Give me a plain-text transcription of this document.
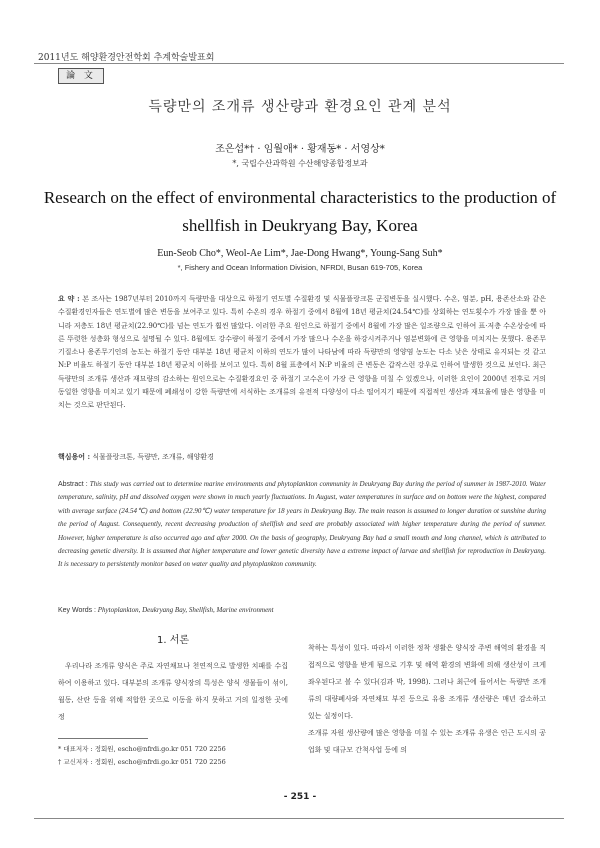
2011년도 해양환경안전학회 추계학술발표회
論 文
득량만의 조개류 생산량과 환경요인 관계 분석
조은섭*† · 임월애* · 황재동* · 서영상*
*, 국립수산과학원 수산해양종합정보과
Research on the effect of environmental characteristics to the production of shellfish in Deukryang Bay, Korea
Eun-Seob Cho*, Weol-Ae Lim*, Jae-Dong Hwang*, Young-Sang Suh*
*, Fishery and Ocean Information Division, NFRDI, Busan 619-705, Korea
요 약 : 본 조사는 1987년부터 2010까지 득량만을 대상으로 하절기 연도별 수질환경 및 식물플랑크톤 군집변동을 실시했다. 수온, 염분, pH, 용존산소와 같은 수질환경인자들은 연도별에 많은 변동을 보여주고 있다. 특히 수온의 경우 하절기 중에서 8월에 18년 평균치(24.54℃)를 상회하는 연도횟수가 가장 많을 뿐 아니라 저층도 18년 평균치(22.90℃)를 넘는 연도가 훨씬 많았다. 이러한 주요 원인으로 하절기 중에서 8월에 가장 많은 일조량으로 인하여 표·저층 수온상승에 따른 뚜렷한 성층화 형성으로 설명될 수 있다. 8월에도 강수량이 하절기 중에서 가장 많으나 수온을 하강시켜주거나 염분변화에 큰 영향을 미치지는 못했다. 용존무기질소나 용존무기인의 농도는 하절기 동안 대부분 18년 평균치 이하의 연도가 많이 나타남에 따라 득량만의 영양염 농도는 다소 낮은 상태로 유지되는 것 같고 N:P 비율도 하절기 동안 대부분 18년 평균치 이하를 보이고 있다. 특히 8월 표층에서 N:P 비율의 큰 변동은 갑작스런 강우로 인하여 발생한 것으로 보인다. 최근 득량만의 조개류 생산과 재묘량의 감소하는 원인으로는 수질환경요인 중 하절기 고수온이 가장 큰 영향을 미칠 수 있겠으나, 이러한 요인이 2000년 전후로 거의 동일한 영향을 미치고 있기 때문에 폐쇄성이 강한 득량만에 서식하는 조개류의 유전적 다양성이 다소 떨어지기 때문에 직접적인 생산과 재묘율에 많은 영향을 미치는 것으로 판단된다.
핵심용어 : 식물플랑크톤, 득량만, 조개류, 해양환경
Abstract : This study was carried out to determine marine environments and phytoplankton community in Deukryang Bay during the period of summer in 1987-2010. Water temperature, salinity, pH and dissolved oxygen were shown in much yearly fluctuations. In August, water temperatures in surface and on bottom were the highest, compared with average surface (24.54℃) and bottom (22.90℃) water temperature for 18 years in Deukryang Bay. The main reason is assumed to longer duration ot sunshine during the period of August. Consequently, recent decreasing production of shellfish and seed are probably associated with higher temperature during the period of summer. However, higher temperature is also occurred ago and after 2000. On the basis of geography, Deukryang Bay had a small mouth and long channel, which is attributed to decreasing genetic diversity. It is assumed that higher temperature and lower genetic diversity have a extreme impact of larvae and shellfish for reproduction in Deukryang. It is necessary to persistently monitor based on water quality and phytoplankton community.
Key Words : Phytoplankton, Deukryang Bay, Shellfish, Marine environment
1. 서론

우리나라 조개류 양식은 주로 자연채묘나 천연적으로 발생한 치패를 수집하여 이용하고 있다. 대부분의 조개류 양식장의 특성은 양식 생물들이 섞이, 월동, 산란 등을 위해 적합한 곳으로 이동을 하지 못하고 거의 일정한 곳에 정

착하는 특성이 있다. 따라서 이러한 정착 생활은 양식장 주변 해역의 환경을 직접적으로 영향을 받게 됨으로 기후 및 해역 환경의 변화에 의해 생산성이 크게 좌우된다고 볼 수 있다(김과 박, 1998). 그러나 최근에 들어서는 득량만 조개류의 대량폐사와 자연채묘 부진 등으로 유용 조개류 생산량은 매년 감소하고 있는 실정이다.

조개류 자원 생산량에 많은 영향을 미칠 수 있는 조개류 유생은 인근 도시의 공업화 및 대규모 간척사업 등에 의

* 대표저자 : 정회원, escho@nfrdi.go.kr 051 720 2256
† 교신저자 : 정회원, escho@nfrdi.go.kr 051 720 2256
- 251 -
